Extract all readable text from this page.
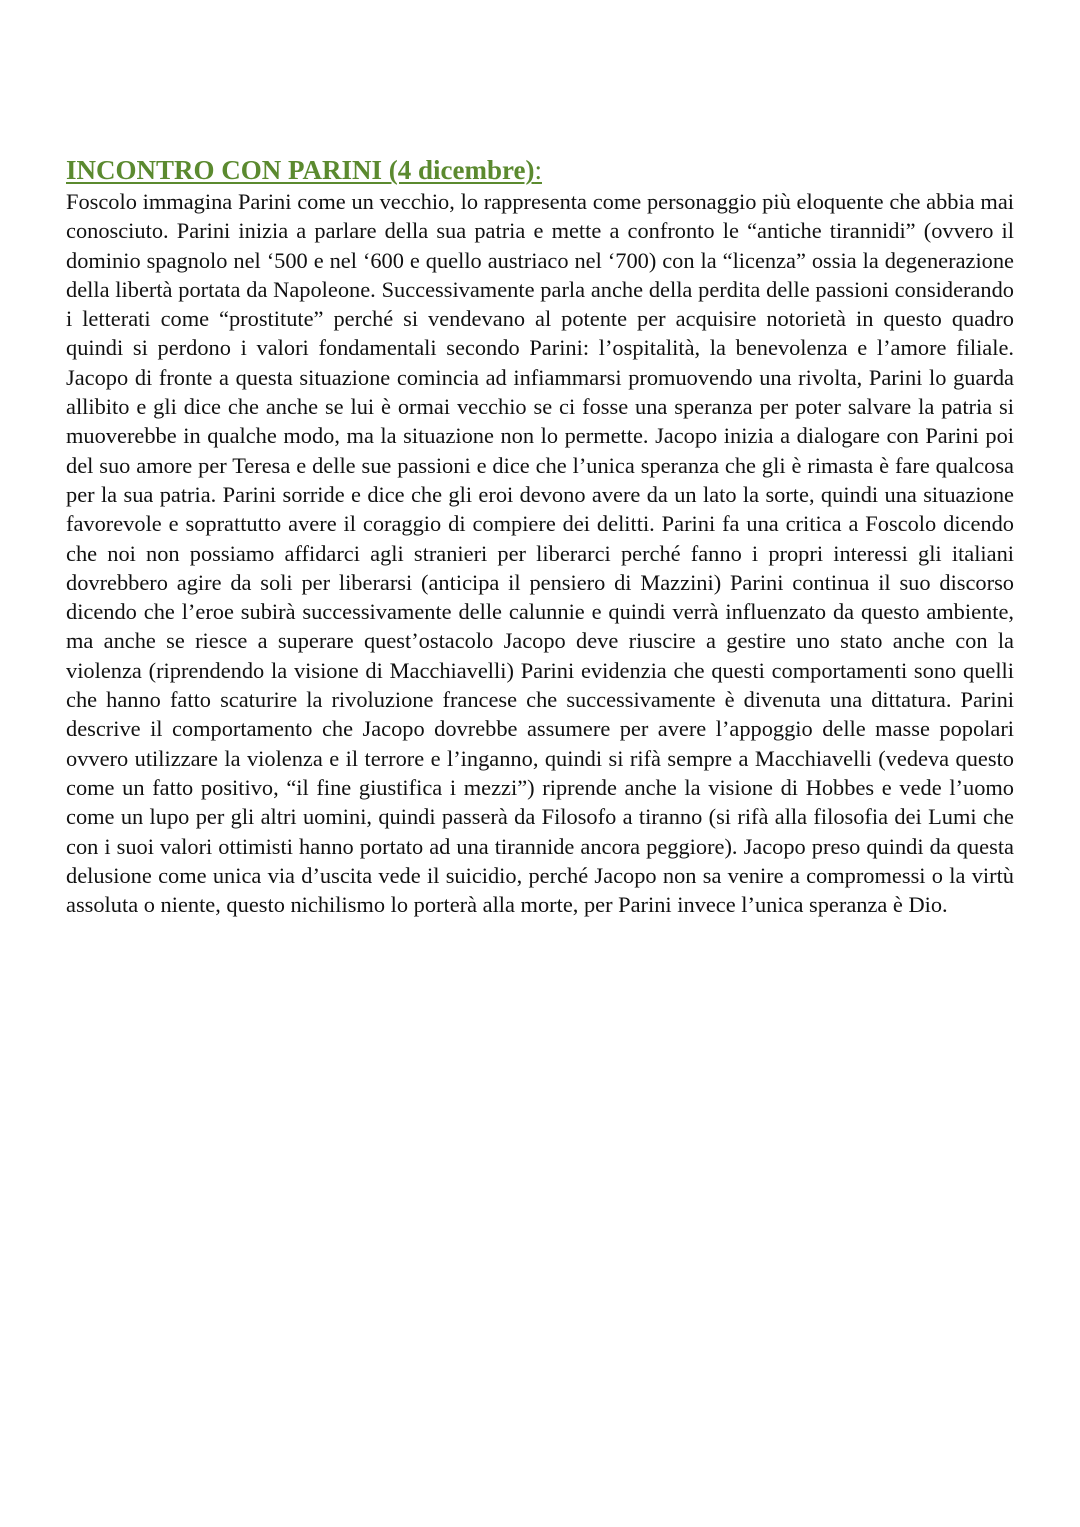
INCONTRO CON PARINI (4 dicembre):

Foscolo immagina Parini come un vecchio, lo rappresenta come personaggio più eloquente che abbia mai conosciuto. Parini inizia a parlare della sua patria e mette a confronto le “antiche tirannidi” (ovvero il dominio spagnolo nel ‘500 e nel ‘600 e quello austriaco nel ‘700) con la “licenza” ossia la degenerazione della libertà portata da Napoleone. Successivamente parla anche della perdita delle passioni considerando i letterati come “prostitute” perché si vendevano al potente per acquisire notorietà in questo quadro quindi si perdono i valori fondamentali secondo Parini: l’ospitalità, la benevolenza e l’amore filiale. Jacopo di fronte a questa situazione comincia ad infiammarsi promuovendo una rivolta, Parini lo guarda allibito e gli dice che anche se lui è ormai vecchio se ci fosse una speranza per poter salvare la patria si muoverebbe in qualche modo, ma la situazione non lo permette. Jacopo inizia a dialogare con Parini poi del suo amore per Teresa e delle sue passioni e dice che l’unica speranza che gli è rimasta è fare qualcosa per la sua patria. Parini sorride e dice che gli eroi devono avere da un lato la sorte, quindi una situazione favorevole e soprattutto avere il coraggio di compiere dei delitti. Parini fa una critica a Foscolo dicendo che noi non possiamo affidarci agli stranieri per liberarci perché fanno i propri interessi gli italiani dovrebbero agire da soli per liberarsi (anticipa il pensiero di Mazzini) Parini continua il suo discorso dicendo che l’eroe subirà successivamente delle calunnie e quindi verrà influenzato da questo ambiente, ma anche se riesce a superare quest’ostacolo Jacopo deve riuscire a gestire uno stato anche con la violenza (riprendendo la visione di Macchiavelli) Parini evidenzia che questi comportamenti sono quelli che hanno fatto scaturire la rivoluzione francese che successivamente è divenuta una dittatura. Parini descrive il comportamento che Jacopo dovrebbe assumere per avere l’appoggio delle masse popolari ovvero utilizzare la violenza e il terrore e l’inganno, quindi si rifà sempre a Macchiavelli (vedeva questo come un fatto positivo, “il fine giustifica i mezzi”) riprende anche la visione di Hobbes e vede l’uomo come un lupo per gli altri uomini, quindi passerà da Filosofo a tiranno (si rifà alla filosofia dei Lumi che con i suoi valori ottimisti hanno portato ad una tirannide ancora peggiore). Jacopo preso quindi da questa delusione come unica via d’uscita vede il suicidio, perché Jacopo non sa venire a compromessi o la virtù assoluta o niente, questo nichilismo lo porterà alla morte, per Parini invece l’unica speranza è Dio.
